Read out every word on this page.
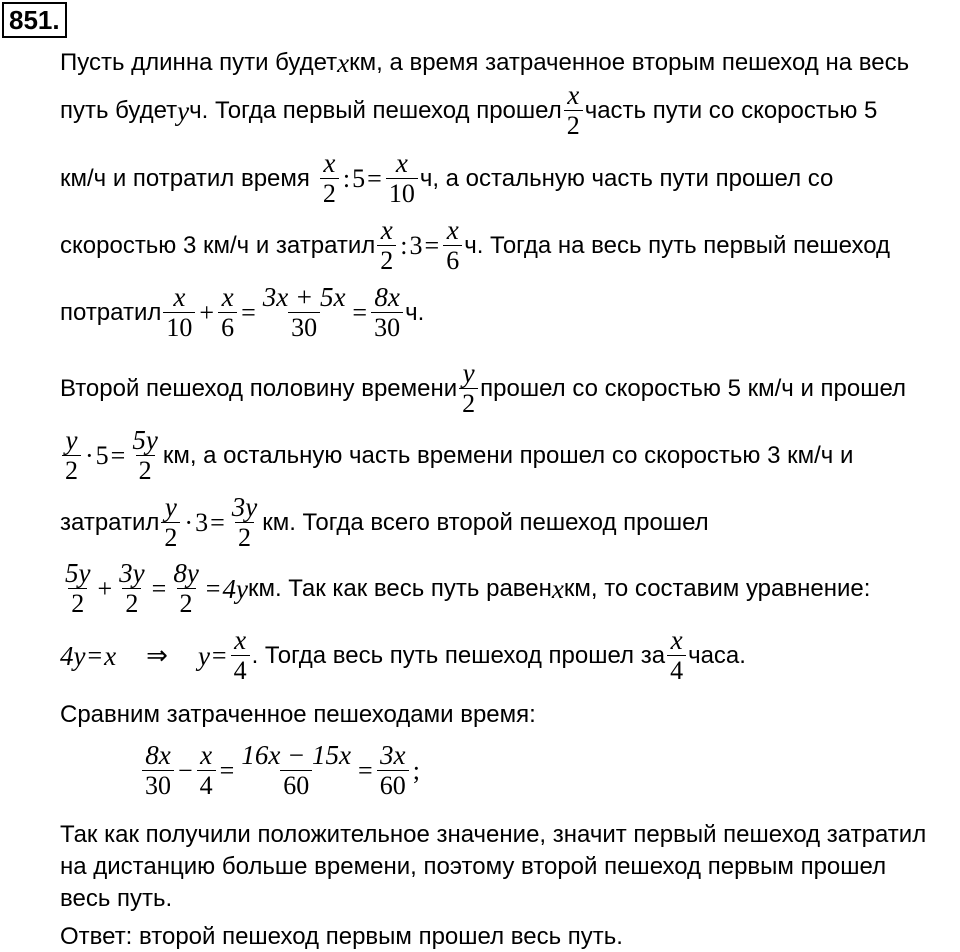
851.
Пусть длинна пути будет x км, а время затраченное вторым пешеход на весь
путь будет y ч. Тогда первый пешеход прошел x
2
часть пути со скоростью 5
км/ч и потратил время x
2
: $5 = \frac{x}{10} ч$, а остальную часть пути прошел со
скоростью 3 км/ч и затратил x
2
: $3 = \frac{x}{6} ч$. Тогда на весь путь первый пешеход
потратил x
10
+ $\frac{x}{6} = \frac{3x + 5x}{30} = \frac{8x}{30} ч$.
Второй пешеход половину времени y
2
прошел со скоростью 5 км/ч и прошел
y
2
· $5 = \frac{5y}{2}$ км, а остальную часть времени прошел со скоростью 3 км/ч и
затратил y
2
· $3 = \frac{3y}{2}$ км. Тогда всего второй пешеход прошел
5y
2
+ $\frac{3y}{2} = \frac{8y}{2} = 4y$ км. Так как весь путь равен x км, то составим уравнение:
4y = x ⇒ $y = \frac{x}{4}$ . Тогда весь путь пешеход прошел за x
4
часа.
Сравним затраченное пешеходами время:
8x
30
− $\frac{x}{4} = \frac{16x - 15x}{60} = \frac{3x}{60}$ ;
Так как получили положительное значение, значит первый пешеход затратил
на дистанцию больше времени, поэтому второй пешеход первым прошел
весь путь.
Ответ: второй пешеход первым прошел весь путь.
